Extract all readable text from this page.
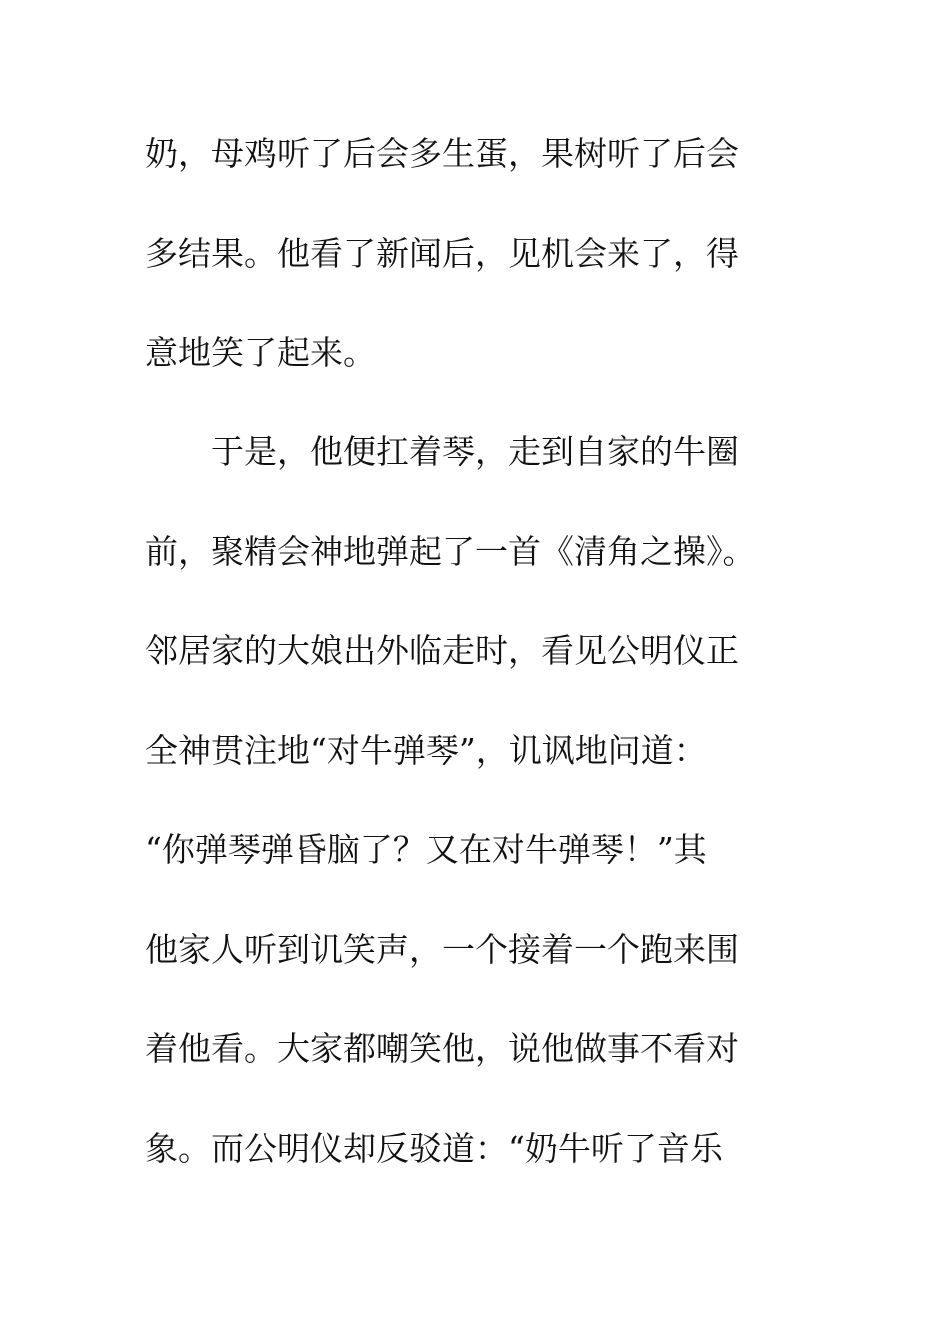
奶，母鸡听了后会多生蛋，果树听了后会
多结果。他看了新闻后，见机会来了，得
意地笑了起来。
　　于是，他便扛着琴，走到自家的牛圈
前，聚精会神地弹起了一首《清角之操》。
邻居家的大娘出外临走时，看见公明仪正
全神贯注地“对牛弹琴”，讥讽地问道：
“你弹琴弹昏脑了？又在对牛弹琴！”其
他家人听到讥笑声，一个接着一个跑来围
着他看。大家都嘲笑他，说他做事不看对
象。而公明仪却反驳道：“奶牛听了音乐
